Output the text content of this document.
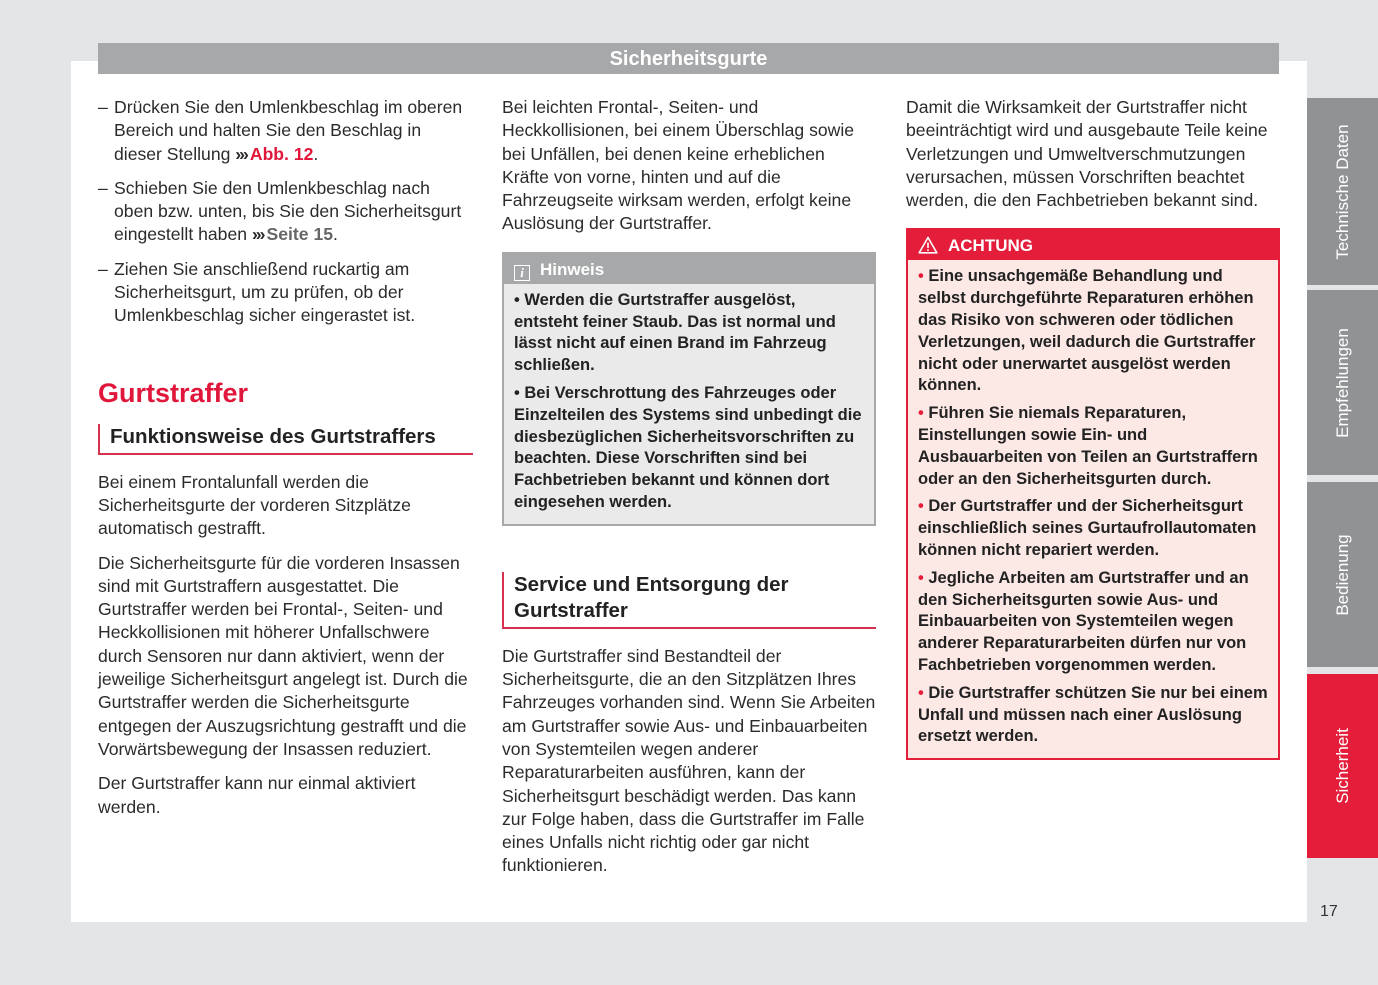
Sicherheitsgurte
– Drücken Sie den Umlenkbeschlag im oberen Bereich und halten Sie den Beschlag in dieser Stellung ››› Abb. 12.
– Schieben Sie den Umlenkbeschlag nach oben bzw. unten, bis Sie den Sicherheitsgurt eingestellt haben ››› Seite 15.
– Ziehen Sie anschließend ruckartig am Sicherheitsgurt, um zu prüfen, ob der Umlenkbeschlag sicher eingerastet ist.
Gurtstraffer
Funktionsweise des Gurtstraffers

Bei einem Frontalunfall werden die Sicherheitsgurte der vorderen Sitzplätze automatisch gestrafft.

Die Sicherheitsgurte für die vorderen Insassen sind mit Gurtstraffern ausgestattet. Die Gurtstraffer werden bei Frontal-, Seiten- und Heckkollisionen mit höherer Unfallschwere durch Sensoren nur dann aktiviert, wenn der jeweilige Sicherheitsgurt angelegt ist. Durch die Gurtstraffer werden die Sicherheitsgurte entgegen der Auszugsrichtung gestrafft und die Vorwärtsbewegung der Insassen reduziert.

Der Gurtstraffer kann nur einmal aktiviert werden.

Bei leichten Frontal-, Seiten- und Heckkollisionen, bei einem Überschlag sowie bei Unfällen, bei denen keine erheblichen Kräfte von vorne, hinten und auf die Fahrzeugseite wirksam werden, erfolgt keine Auslösung der Gurtstraffer.

i Hinweis
• Werden die Gurtstraffer ausgelöst, entsteht feiner Staub. Das ist normal und lässt nicht auf einen Brand im Fahrzeug schließen.
• Bei Verschrottung des Fahrzeuges oder Einzelteilen des Systems sind unbedingt die diesbezüglichen Sicherheitsvorschriften zu beachten. Diese Vorschriften sind bei Fachbetrieben bekannt und können dort eingesehen werden.
Service und Entsorgung der Gurtstraffer

Die Gurtstraffer sind Bestandteil der Sicherheitsgurte, die an den Sitzplätzen Ihres Fahrzeuges vorhanden sind. Wenn Sie Arbeiten am Gurtstraffer sowie Aus- und Einbauarbeiten von Systemteilen wegen anderer Reparaturarbeiten ausführen, kann der Sicherheitsgurt beschädigt werden. Das kann zur Folge haben, dass die Gurtstraffer im Falle eines Unfalls nicht richtig oder gar nicht funktionieren.

Damit die Wirksamkeit der Gurtstraffer nicht beeinträchtigt wird und ausgebaute Teile keine Verletzungen und Umweltverschmutzungen verursachen, müssen Vorschriften beachtet werden, die den Fachbetrieben bekannt sind.

ACHTUNG
• Eine unsachgemäße Behandlung und selbst durchgeführte Reparaturen erhöhen das Risiko von schweren oder tödlichen Verletzungen, weil dadurch die Gurtstraffer nicht oder unerwartet ausgelöst werden können.
• Führen Sie niemals Reparaturen, Einstellungen sowie Ein- und Ausbauarbeiten von Teilen an Gurtstraffern oder an den Sicherheitsgurten durch.
• Der Gurtstraffer und der Sicherheitsgurt einschließlich seines Gurtaufrollautomaten können nicht repariert werden.
• Jegliche Arbeiten am Gurtstraffer und an den Sicherheitsgurten sowie Aus- und Einbauarbeiten von Systemteilen wegen anderer Reparaturarbeiten dürfen nur von Fachbetrieben vorgenommen werden.
• Die Gurtstraffer schützen Sie nur bei einem Unfall und müssen nach einer Auslösung ersetzt werden.
Technische Daten
Empfehlungen
Bedienung
Sicherheit
17
